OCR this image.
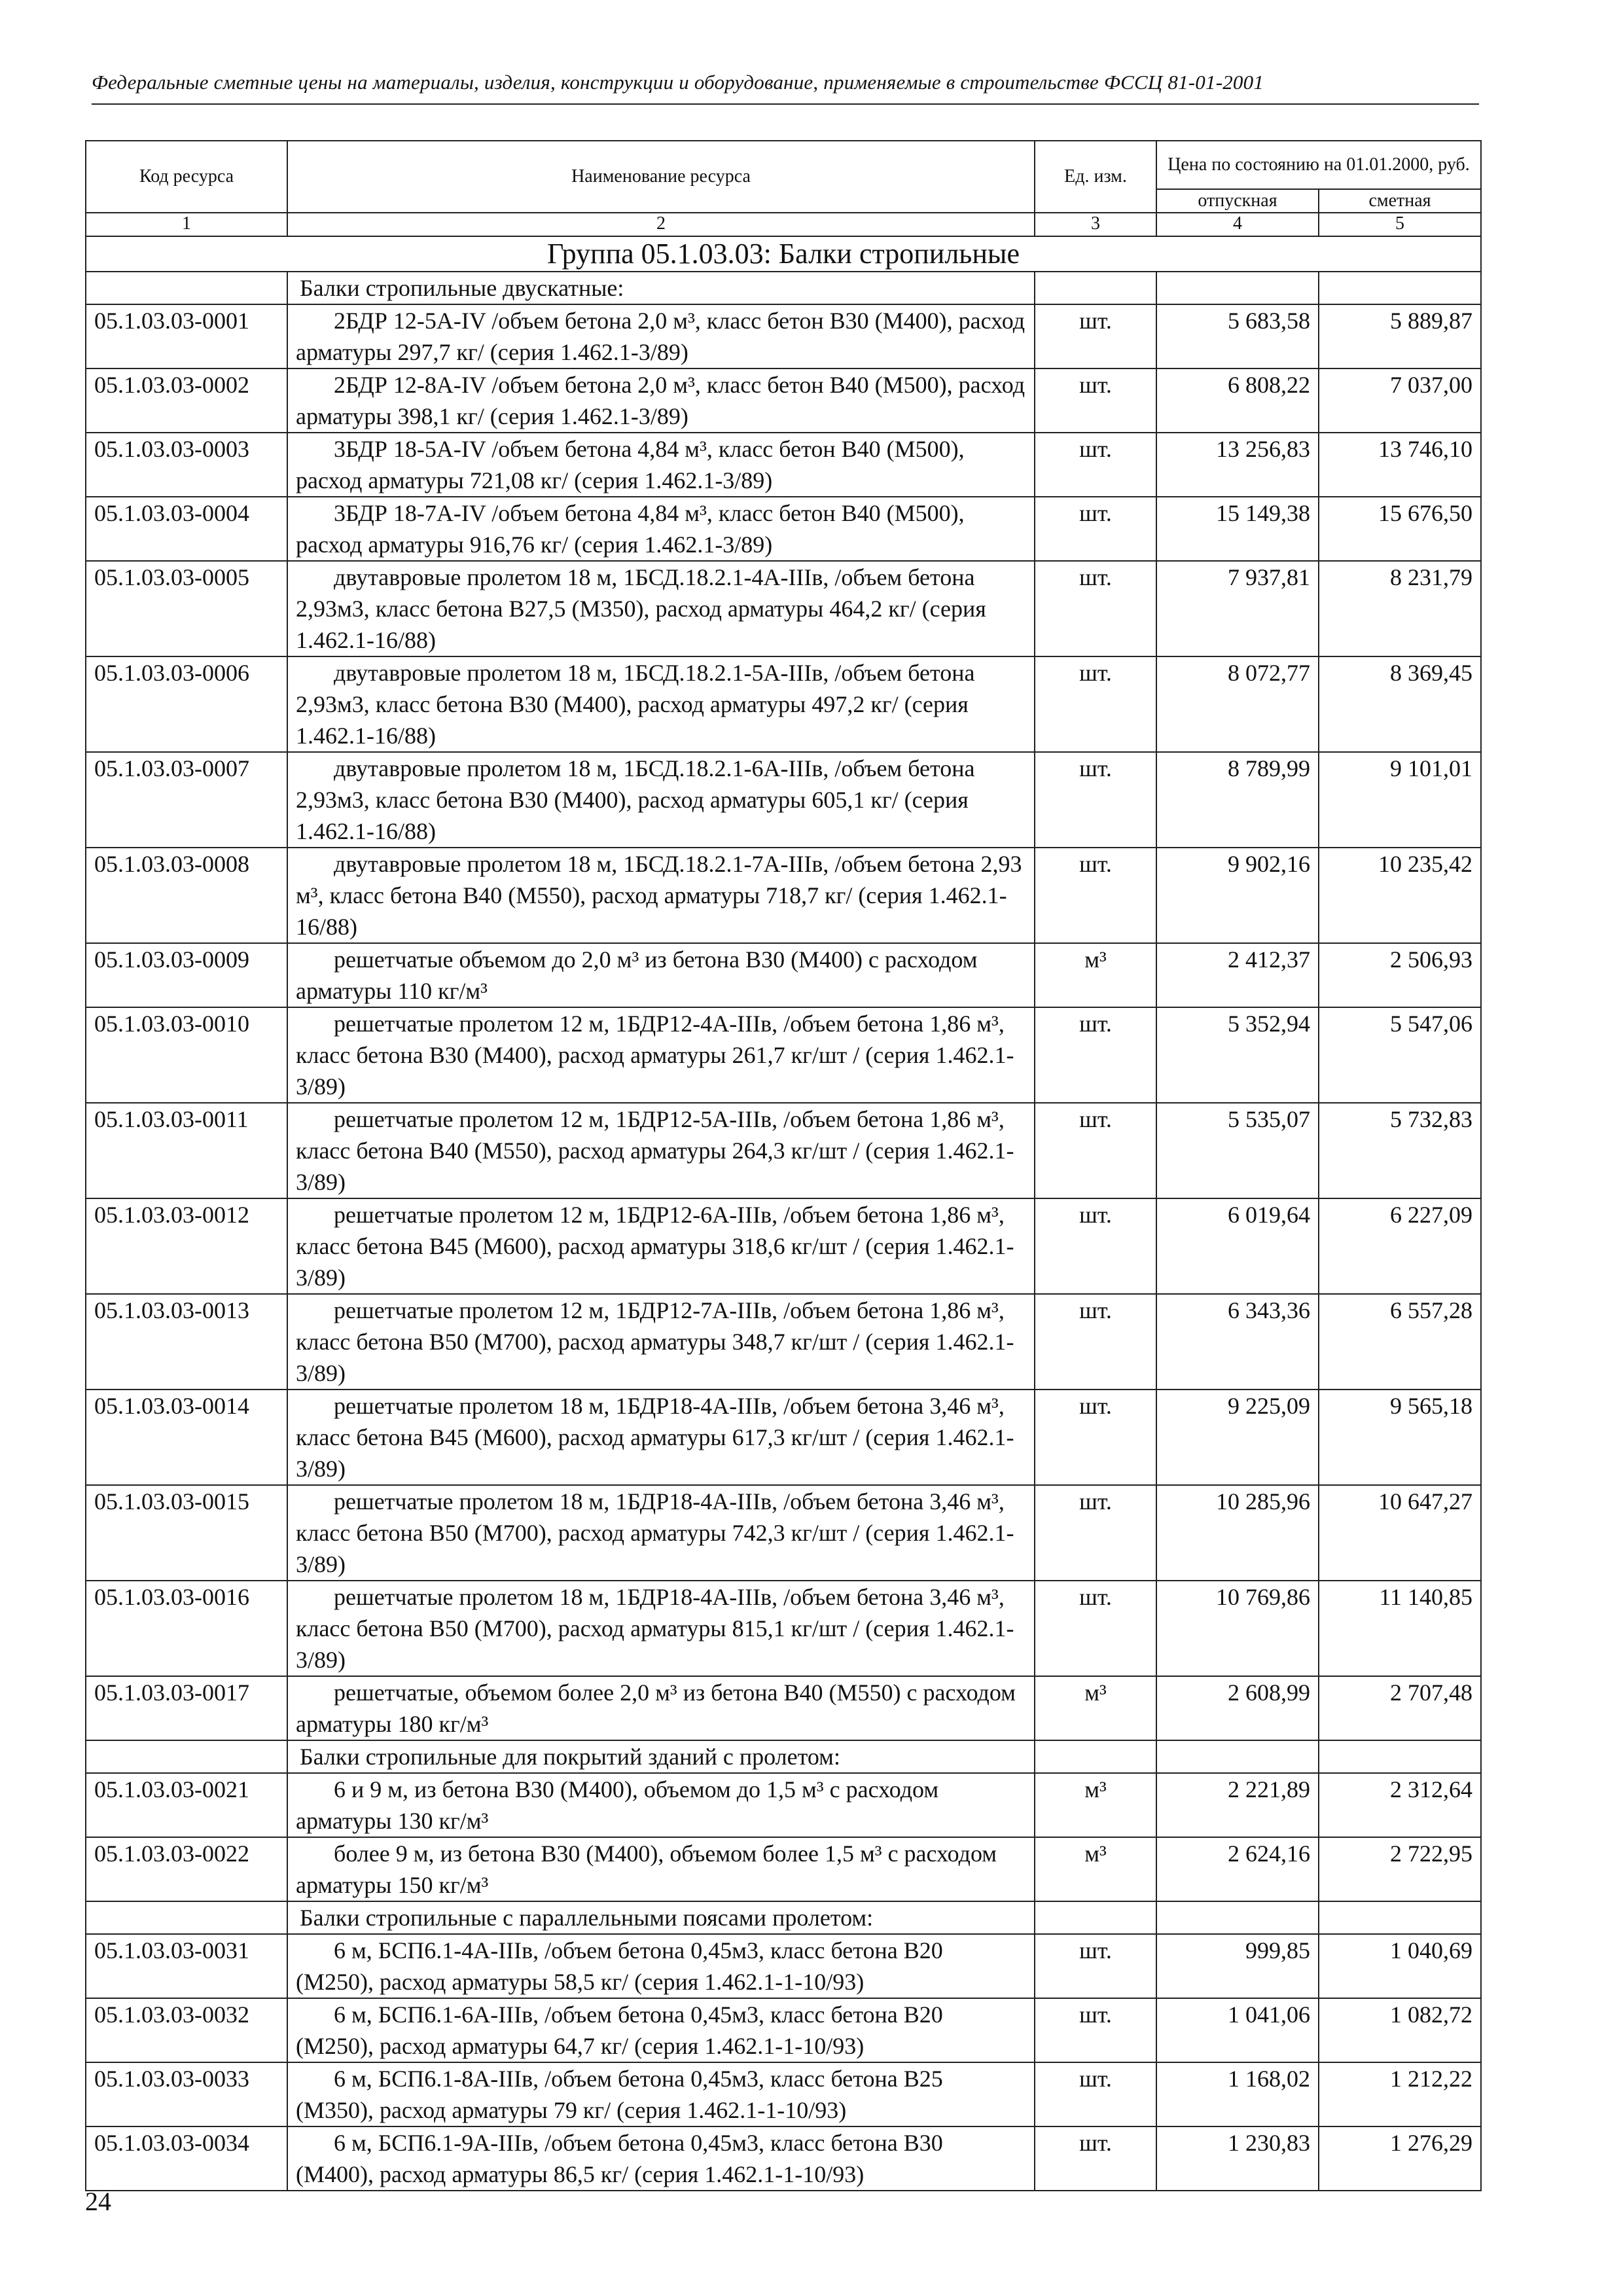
Федеральные сметные цены на материалы, изделия, конструкции и оборудование, применяемые в строительстве ФССЦ 81-01-2001
Код ресурса	Наименование ресурса	Ед. изм.	Цена по состоянию на 01.01.2000, руб.	
			отпускная	сметная
1	2	3	4	5
Группа 05.1.03.03: Балки стропильные				
	Балки стропильные двускатные:			
05.1.03.03-0001	2БДР 12-5А-IV /объем бетона 2,0 м³, класс бетон В30 (М400), расход арматуры 297,7 кг/ (серия 1.462.1-3/89)	шт.	5 683,58	5 889,87
05.1.03.03-0002	2БДР 12-8А-IV /объем бетона 2,0 м³, класс бетон В40 (М500), расход арматуры 398,1 кг/ (серия 1.462.1-3/89)	шт.	6 808,22	7 037,00
05.1.03.03-0003	3БДР 18-5А-IV /объем бетона 4,84 м³, класс бетон В40 (М500), расход арматуры 721,08 кг/ (серия 1.462.1-3/89)	шт.	13 256,83	13 746,10
05.1.03.03-0004	3БДР 18-7А-IV /объем бетона 4,84 м³, класс бетон В40 (М500), расход арматуры 916,76 кг/ (серия 1.462.1-3/89)	шт.	15 149,38	15 676,50
05.1.03.03-0005	двутавровые пролетом 18 м, 1БСД.18.2.1-4А-IIIв, /объем бетона 2,93м3, класс бетона В27,5 (М350), расход арматуры 464,2 кг/ (серия 1.462.1-16/88)	шт.	7 937,81	8 231,79
05.1.03.03-0006	двутавровые пролетом 18 м, 1БСД.18.2.1-5А-IIIв, /объем бетона 2,93м3, класс бетона В30 (М400), расход арматуры 497,2 кг/ (серия 1.462.1-16/88)	шт.	8 072,77	8 369,45
05.1.03.03-0007	двутавровые пролетом 18 м, 1БСД.18.2.1-6А-IIIв, /объем бетона 2,93м3, класс бетона В30 (М400), расход арматуры 605,1 кг/ (серия 1.462.1-16/88)	шт.	8 789,99	9 101,01
05.1.03.03-0008	двутавровые пролетом 18 м, 1БСД.18.2.1-7А-IIIв, /объем бетона 2,93 м³, класс бетона В40 (М550), расход арматуры 718,7 кг/ (серия 1.462.1-16/88)	шт.	9 902,16	10 235,42
05.1.03.03-0009	решетчатые объемом до 2,0 м³ из бетона В30 (М400) с расходом арматуры 110 кг/м³	м³	2 412,37	2 506,93
05.1.03.03-0010	решетчатые пролетом 12 м, 1БДР12-4А-IIIв, /объем бетона 1,86 м³, класс бетона В30 (М400), расход арматуры 261,7 кг/шт / (серия 1.462.1-3/89)	шт.	5 352,94	5 547,06
05.1.03.03-0011	решетчатые пролетом 12 м, 1БДР12-5А-IIIв, /объем бетона 1,86 м³, класс бетона В40 (М550), расход арматуры 264,3 кг/шт / (серия 1.462.1-3/89)	шт.	5 535,07	5 732,83
05.1.03.03-0012	решетчатые пролетом 12 м, 1БДР12-6А-IIIв, /объем бетона 1,86 м³, класс бетона В45 (М600), расход арматуры 318,6 кг/шт / (серия 1.462.1-3/89)	шт.	6 019,64	6 227,09
05.1.03.03-0013	решетчатые пролетом 12 м, 1БДР12-7А-IIIв, /объем бетона 1,86 м³, класс бетона В50 (М700), расход арматуры 348,7 кг/шт / (серия 1.462.1-3/89)	шт.	6 343,36	6 557,28
05.1.03.03-0014	решетчатые пролетом 18 м, 1БДР18-4А-IIIв, /объем бетона 3,46 м³, класс бетона В45 (М600), расход арматуры 617,3 кг/шт / (серия 1.462.1-3/89)	шт.	9 225,09	9 565,18
05.1.03.03-0015	решетчатые пролетом 18 м, 1БДР18-4А-IIIв, /объем бетона 3,46 м³, класс бетона В50 (М700), расход арматуры 742,3 кг/шт / (серия 1.462.1-3/89)	шт.	10 285,96	10 647,27
05.1.03.03-0016	решетчатые пролетом 18 м, 1БДР18-4А-IIIв, /объем бетона 3,46 м³, класс бетона В50 (М700), расход арматуры 815,1 кг/шт / (серия 1.462.1-3/89)	шт.	10 769,86	11 140,85
05.1.03.03-0017	решетчатые, объемом более 2,0 м³ из бетона В40 (М550) с расходом арматуры 180 кг/м³	м³	2 608,99	2 707,48
	Балки стропильные для покрытий зданий с пролетом:			
05.1.03.03-0021	6 и 9 м, из бетона В30 (М400), объемом до 1,5 м³ с расходом арматуры 130 кг/м³	м³	2 221,89	2 312,64
05.1.03.03-0022	более 9 м, из бетона В30 (М400), объемом более 1,5 м³ с расходом арматуры 150 кг/м³	м³	2 624,16	2 722,95
	Балки стропильные с параллельными поясами пролетом:			
05.1.03.03-0031	6 м, БСП6.1-4А-IIIв, /объем бетона 0,45м3, класс бетона В20 (М250), расход арматуры 58,5 кг/ (серия 1.462.1-1-10/93)	шт.	999,85	1 040,69
05.1.03.03-0032	6 м, БСП6.1-6А-IIIв, /объем бетона 0,45м3, класс бетона В20 (М250), расход арматуры 64,7 кг/ (серия 1.462.1-1-10/93)	шт.	1 041,06	1 082,72
05.1.03.03-0033	6 м, БСП6.1-8А-IIIв, /объем бетона 0,45м3, класс бетона В25 (М350), расход арматуры 79 кг/ (серия 1.462.1-1-10/93)	шт.	1 168,02	1 212,22
05.1.03.03-0034	6 м, БСП6.1-9А-IIIв, /объем бетона 0,45м3, класс бетона В30 (М400), расход арматуры 86,5 кг/ (серия 1.462.1-1-10/93)	шт.	1 230,83	1 276,29
24
